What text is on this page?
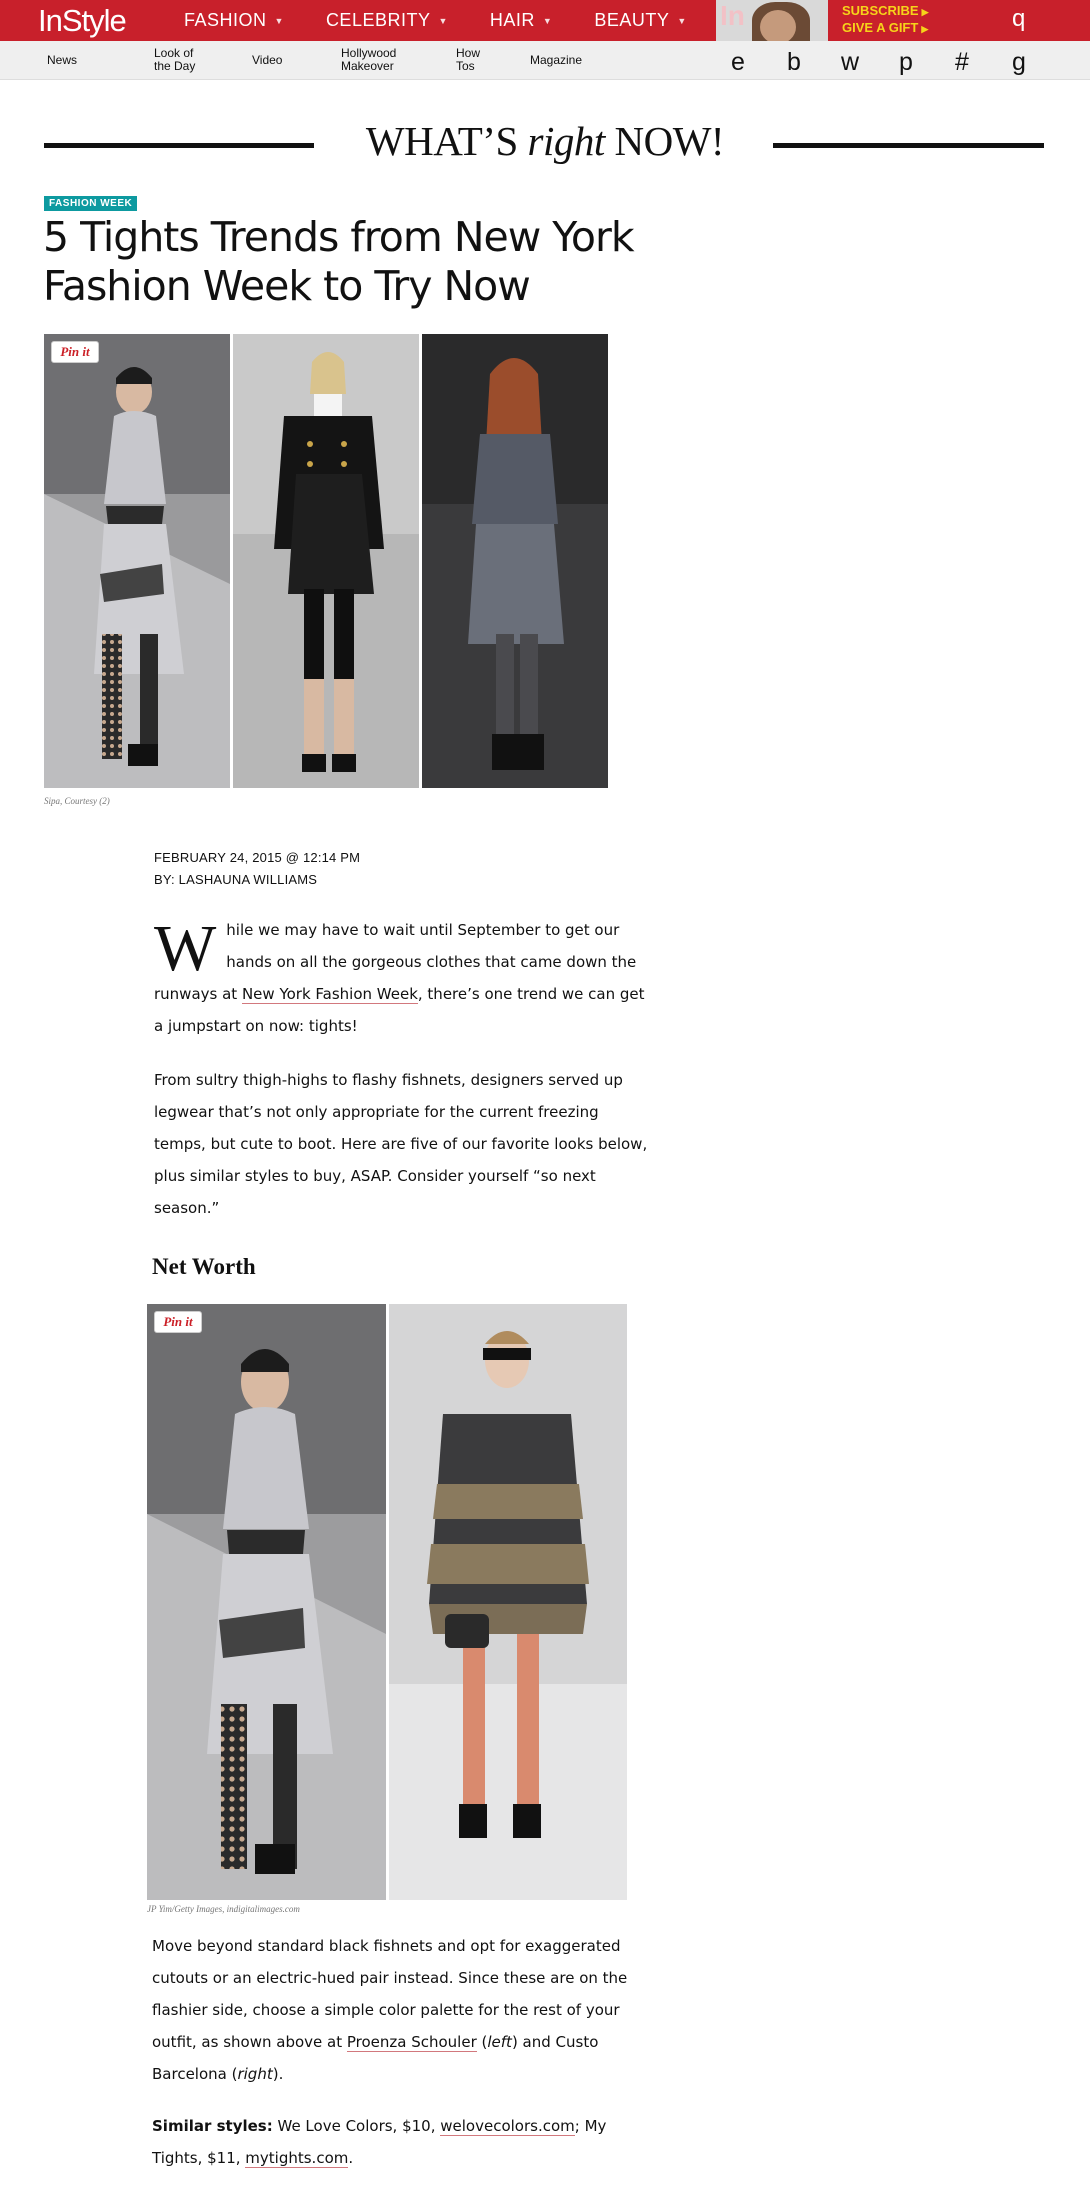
InStyle	FASHION ▼ CELEBRITY ▼ HAIR ▼ BEAUTY ▼ In	SUBSCRIBE ▶
GIVE A GIFT ▶	q
News	Look of
the Day	Video	Hollywood
Makeover
How
Tos	Magazine	e b w p # g
WHAT’S right NOW!
FASHION WEEK
5 Tights Trends from New York Fashion Week to Try Now
Pin it
Sipa, Courtesy (2)
FEBRUARY 24, 2015 @ 12:14 PM
BY: LASHAUNA WILLIAMS
While we may have to wait until September to get our hands on all the gorgeous clothes that came down the runways at New York Fashion Week, there’s one trend we can get a jumpstart on now: tights!
From sultry thigh-highs to flashy fishnets, designers served up legwear that’s not only appropriate for the current freezing temps, but cute to boot. Here are five of our favorite looks below, plus similar styles to buy, ASAP. Consider yourself “so next season.”
Net Worth
Pin it
JP Yim/Getty Images, indigitalimages.com
Move beyond standard black fishnets and opt for exaggerated cutouts or an electric-hued pair instead. Since these are on the flashier side, choose a simple color palette for the rest of your outfit, as shown above at Proenza Schouler (left) and Custo Barcelona (right).
Similar styles: We Love Colors, $10, welovecolors.com; My Tights, $11, mytights.com.
